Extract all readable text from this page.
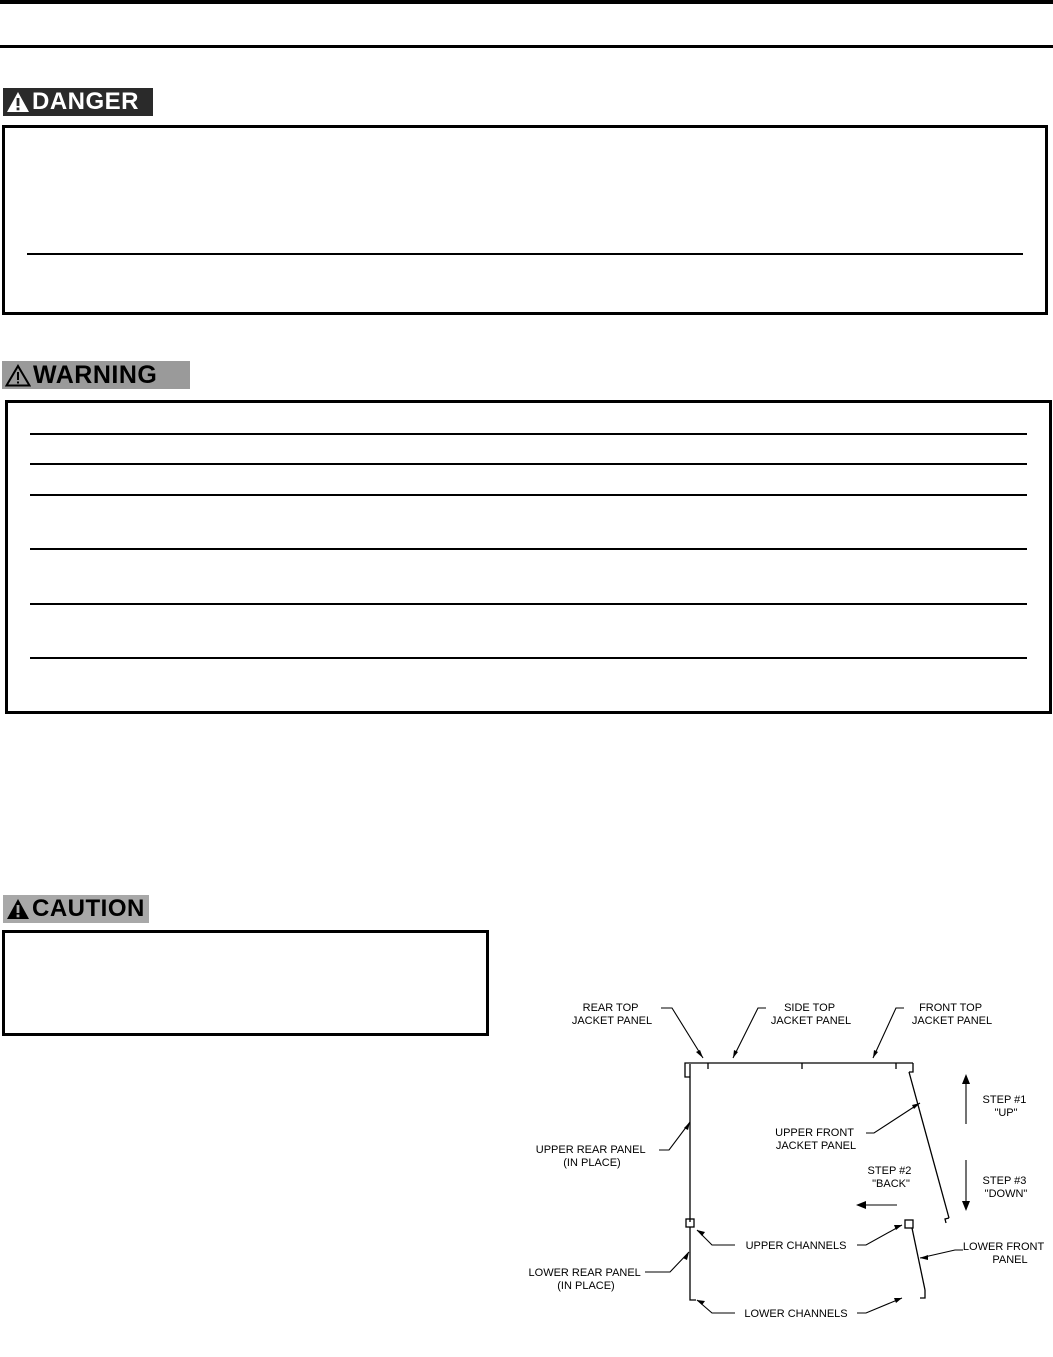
DANGER
WARNING
CAUTION
REAR TOP JACKET PANEL
SIDE TOP JACKET PANEL
FRONT TOP JACKET PANEL
UPPER REAR PANEL (IN PLACE)
UPPER FRONT JACKET PANEL
STEP #1 "UP"
STEP #2 "BACK"	STEP #3 "DOWN"
UPPER CHANNELS	LOWER FRONT PANEL
LOWER REAR PANEL (IN PLACE)
LOWER CHANNELS
